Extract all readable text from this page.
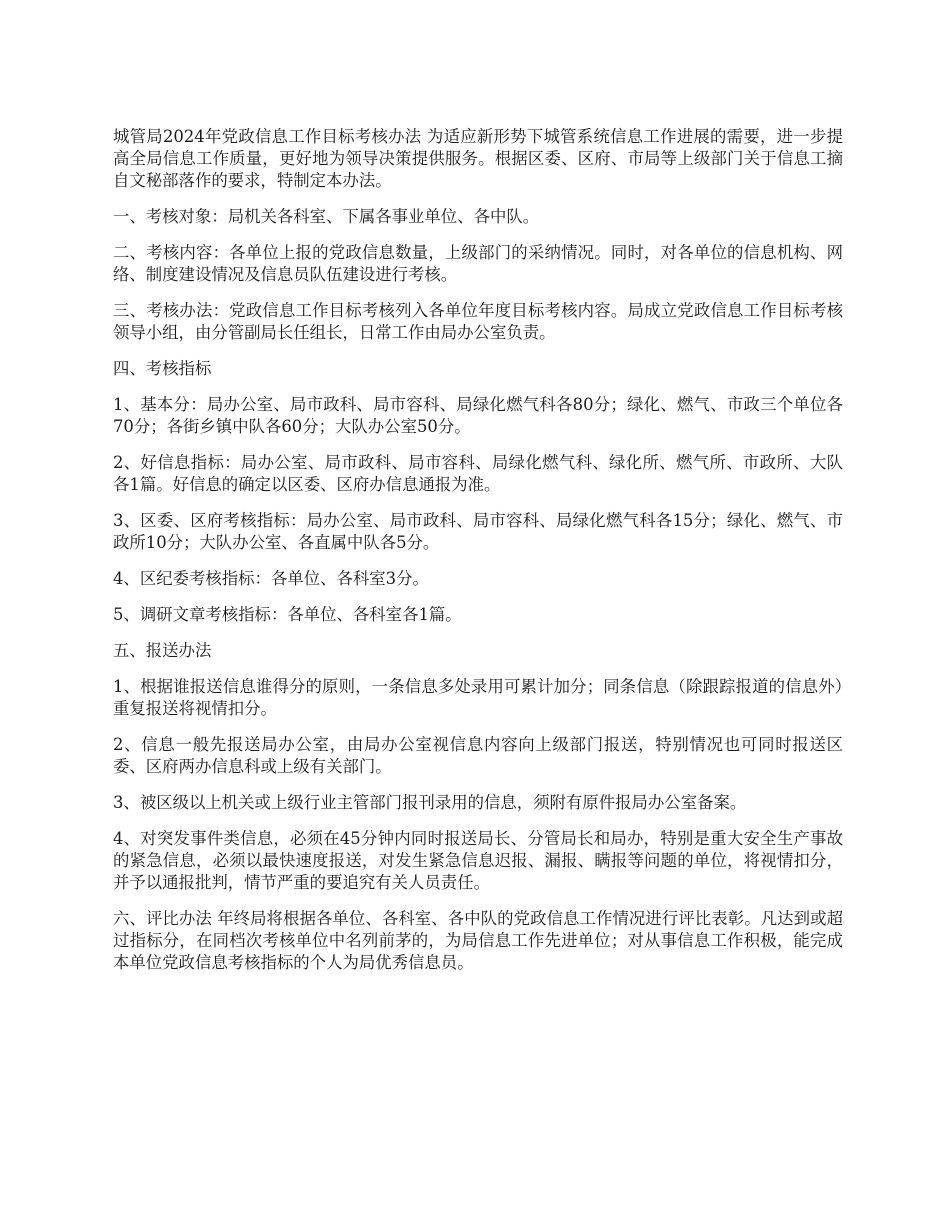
城管局2024年党政信息工作目标考核办法 为适应新形势下城管系统信息工作进展的需要，进一步提高全局信息工作质量，更好地为领导决策提供服务。根据区委、区府、市局等上级部门关于信息工摘自文秘部落作的要求，特制定本办法。

一、考核对象：局机关各科室、下属各事业单位、各中队。

二、考核内容：各单位上报的党政信息数量，上级部门的采纳情况。同时，对各单位的信息机构、网络、制度建设情况及信息员队伍建设进行考核。

三、考核办法：党政信息工作目标考核列入各单位年度目标考核内容。局成立党政信息工作目标考核领导小组，由分管副局长任组长，日常工作由局办公室负责。

四、考核指标

1、基本分：局办公室、局市政科、局市容科、局绿化燃气科各80分；绿化、燃气、市政三个单位各70分；各街乡镇中队各60分；大队办公室50分。

2、好信息指标：局办公室、局市政科、局市容科、局绿化燃气科、绿化所、燃气所、市政所、大队各1篇。好信息的确定以区委、区府办信息通报为准。

3、区委、区府考核指标：局办公室、局市政科、局市容科、局绿化燃气科各15分；绿化、燃气、市政所10分；大队办公室、各直属中队各5分。

4、区纪委考核指标：各单位、各科室3分。

5、调研文章考核指标：各单位、各科室各1篇。

五、报送办法

1、根据谁报送信息谁得分的原则，一条信息多处录用可累计加分；同条信息（除跟踪报道的信息外）重复报送将视情扣分。

2、信息一般先报送局办公室，由局办公室视信息内容向上级部门报送，特别情况也可同时报送区委、区府两办信息科或上级有关部门。

3、被区级以上机关或上级行业主管部门报刊录用的信息，须附有原件报局办公室备案。

4、对突发事件类信息，必须在45分钟内同时报送局长、分管局长和局办，特别是重大安全生产事故的紧急信息，必须以最快速度报送，对发生紧急信息迟报、漏报、瞒报等问题的单位，将视情扣分，并予以通报批判，情节严重的要追究有关人员责任。

六、评比办法 年终局将根据各单位、各科室、各中队的党政信息工作情况进行评比表彰。凡达到或超过指标分，在同档次考核单位中名列前茅的，为局信息工作先进单位；对从事信息工作积极，能完成本单位党政信息考核指标的个人为局优秀信息员。
